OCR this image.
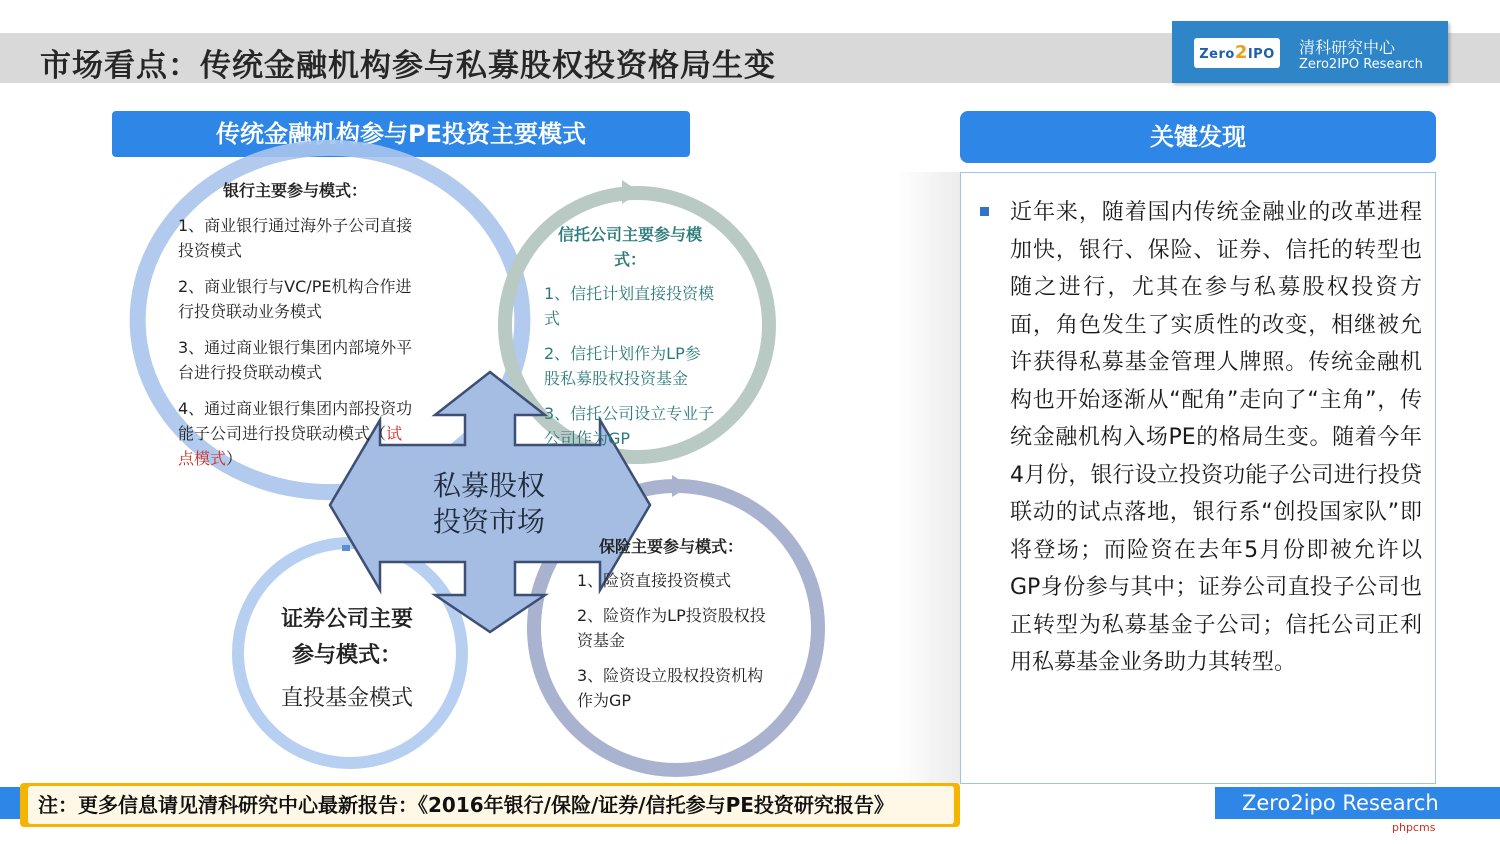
市场看点：传统金融机构参与私募股权投资格局生变	Zero2IPO	清科研究中心
Zero2IPO Research
传统金融机构参与PE投资主要模式	关键发现
银行主要参与模式：
1、商业银行通过海外子公司直接投资模式
2、商业银行与VC/PE机构合作进行投贷联动业务模式
3、通过商业银行集团内部境外平台进行投贷联动模式
4、通过商业银行集团内部投资功能子公司进行投贷联动模式（试点模式）
信托公司主要参与模式：
1、信托计划直接投资模式
2、信托计划作为LP参股私募股权投资基金
3、信托公司设立专业子公司作为GP
保险主要参与模式：
1、险资直接投资模式
2、险资作为LP投资股权投资基金
3、险资设立股权投资机构作为GP
证券公司主要
参与模式：
直投基金模式
私募股权
投资市场
近年来，随着国内传统金融业的改革进程加快，银行、保险、证券、信托的转型也随之进行，尤其在参与私募股权投资方面，角色发生了实质性的改变，相继被允许获得私募基金管理人牌照。传统金融机构也开始逐渐从“配角”走向了“主角”，传统金融机构入场PE的格局生变。随着今年4月份，银行设立投资功能子公司进行投贷联动的试点落地，银行系“创投国家队”即将登场；而险资在去年5月份即被允许以GP身份参与其中；证券公司直投子公司也正转型为私募基金子公司；信托公司正利用私募基金业务助力其转型。
注：更多信息请见清科研究中心最新报告：《2016年银行/保险/证券/信托参与PE投资研究报告》	Zero2ipo Research
phpcms
